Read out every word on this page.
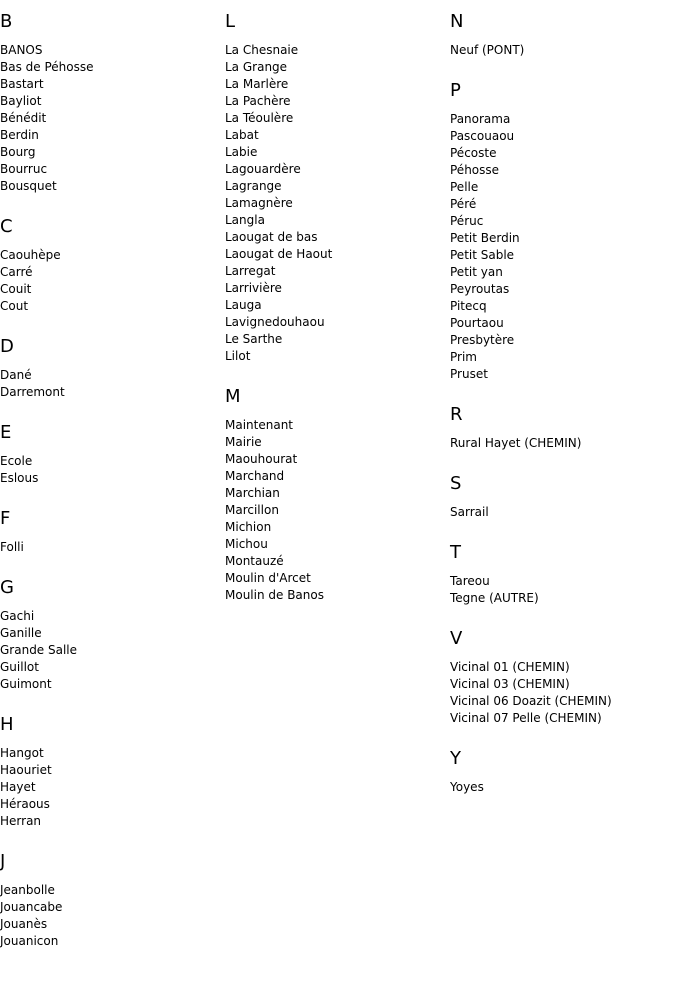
B
BANOS
Bas de Péhosse
Bastart
Bayliot
Bénédit
Berdin
Bourg
Bourruc
Bousquet
C
Caouhèpe
Carré
Couit
Cout
D
Dané
Darremont
E
Ecole
Eslous
F
Folli
G
Gachi
Ganille
Grande Salle
Guillot
Guimont
H
Hangot
Haouriet
Hayet
Héraous
Herran
J
Jeanbolle
Jouancabe
Jouanès
Jouanicon
L
La Chesnaie
La Grange
La Marlère
La Pachère
La Téoulère
Labat
Labie
Lagouardère
Lagrange
Lamagnère
Langla
Laougat de bas
Laougat de Haout
Larregat
Larrivière
Lauga
Lavignedouhaou
Le Sarthe
Lilot
M
Maintenant
Mairie
Maouhourat
Marchand
Marchian
Marcillon
Michion
Michou
Montauzé
Moulin d'Arcet
Moulin de Banos
N
Neuf (PONT)
P
Panorama
Pascouaou
Pécoste
Péhosse
Pelle
Péré
Péruc
Petit Berdin
Petit Sable
Petit yan
Peyroutas
Pitecq
Pourtaou
Presbytère
Prim
Pruset
R
Rural Hayet (CHEMIN)
S
Sarrail
T
Tareou
Tegne (AUTRE)
V
Vicinal 01 (CHEMIN)
Vicinal 03 (CHEMIN)
Vicinal 06 Doazit (CHEMIN)
Vicinal 07 Pelle (CHEMIN)
Y
Yoyes
